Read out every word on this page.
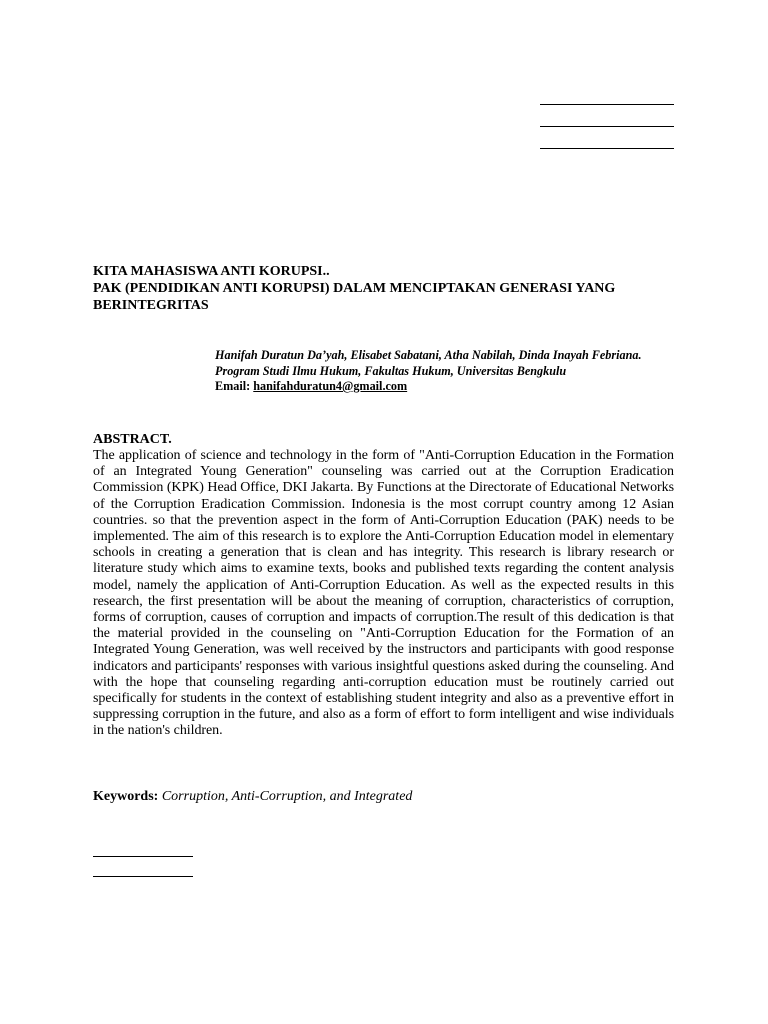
KITA MAHASISWA ANTI KORUPSI..
PAK (PENDIDIKAN ANTI KORUPSI) DALAM MENCIPTAKAN GENERASI YANG
BERINTEGRITAS
Hanifah Duratun Da’yah, Elisabet Sabatani, Atha Nabilah, Dinda Inayah Febriana.
Program Studi Ilmu Hukum, Fakultas Hukum, Universitas Bengkulu
Email: hanifahduratun4@gmail.com
ABSTRACT.
The application of science and technology in the form of "Anti-Corruption Education in the Formation of an Integrated Young Generation" counseling was carried out at the Corruption Eradication Commission (KPK) Head Office, DKI Jakarta. By Functions at the Directorate of Educational Networks of the Corruption Eradication Commission. Indonesia is the most corrupt country among 12 Asian countries. so that the prevention aspect in the form of Anti-Corruption Education (PAK) needs to be implemented. The aim of this research is to explore the Anti-Corruption Education model in elementary schools in creating a generation that is clean and has integrity. This research is library research or literature study which aims to examine texts, books and published texts regarding the content analysis model, namely the application of Anti-Corruption Education. As well as the expected results in this research, the first presentation will be about the meaning of corruption, characteristics of corruption, forms of corruption, causes of corruption and impacts of corruption.The result of this dedication is that the material provided in the counseling on "Anti-Corruption Education for the Formation of an Integrated Young Generation, was well received by the instructors and participants with good response indicators and participants' responses with various insightful questions asked during the counseling. And with the hope that counseling regarding anti-corruption education must be routinely carried out specifically for students in the context of establishing student integrity and also as a preventive effort in suppressing corruption in the future, and also as a form of effort to form intelligent and wise individuals in the nation's children.
Keywords: Corruption, Anti-Corruption, and Integrated
